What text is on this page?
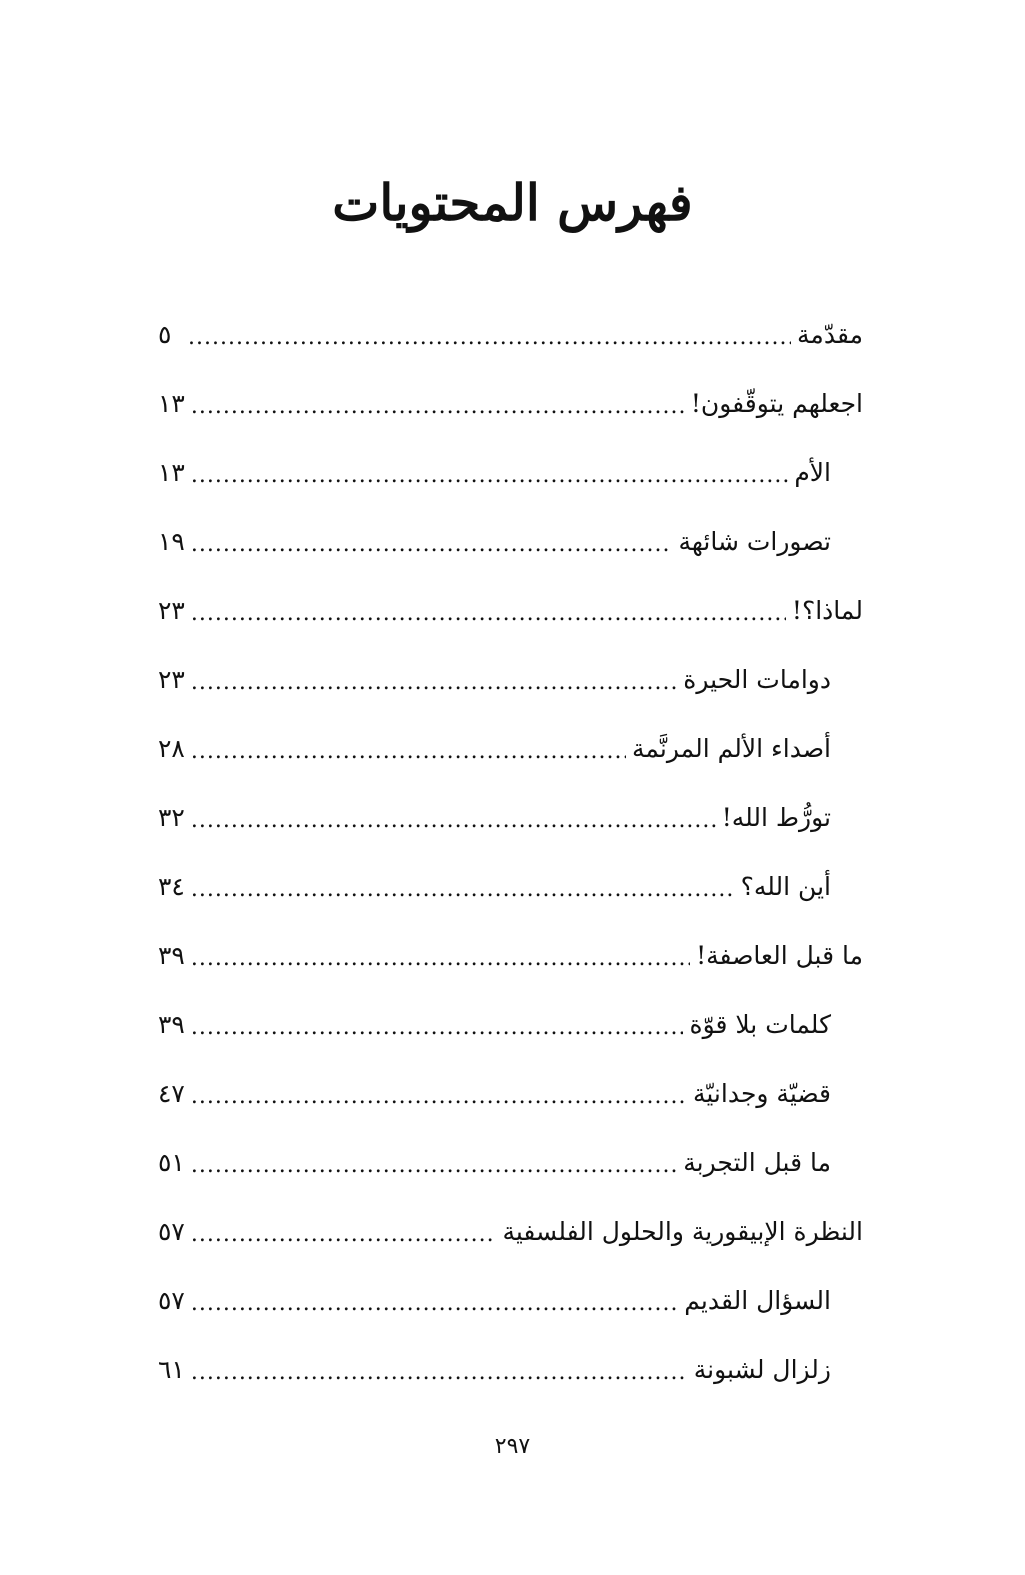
فهرس المحتويات
مقدّمة
.....
٥
اجعلهم يتوقّفون!
.....
١٣
الأم
.....
١٣
تصورات شائهة
.....
١٩
لماذا؟!
.....
٢٣
دوامات الحيرة
.....
٢٣
أصداء الألم المرنَّمة
.....
٢٨
تورُّط الله!
.....
٣٢
أين الله؟
.....
٣٤
ما قبل العاصفة!
.....
٣٩
كلمات بلا قوّة
.....
٣٩
قضيّة وجدانيّة
.....
٤٧
ما قبل التجربة
.....
٥١
النظرة الإبيقورية والحلول الفلسفية
.....
٥٧
السؤال القديم
.....
٥٧
زلزال لشبونة
.....
٦١
٢٩٧
